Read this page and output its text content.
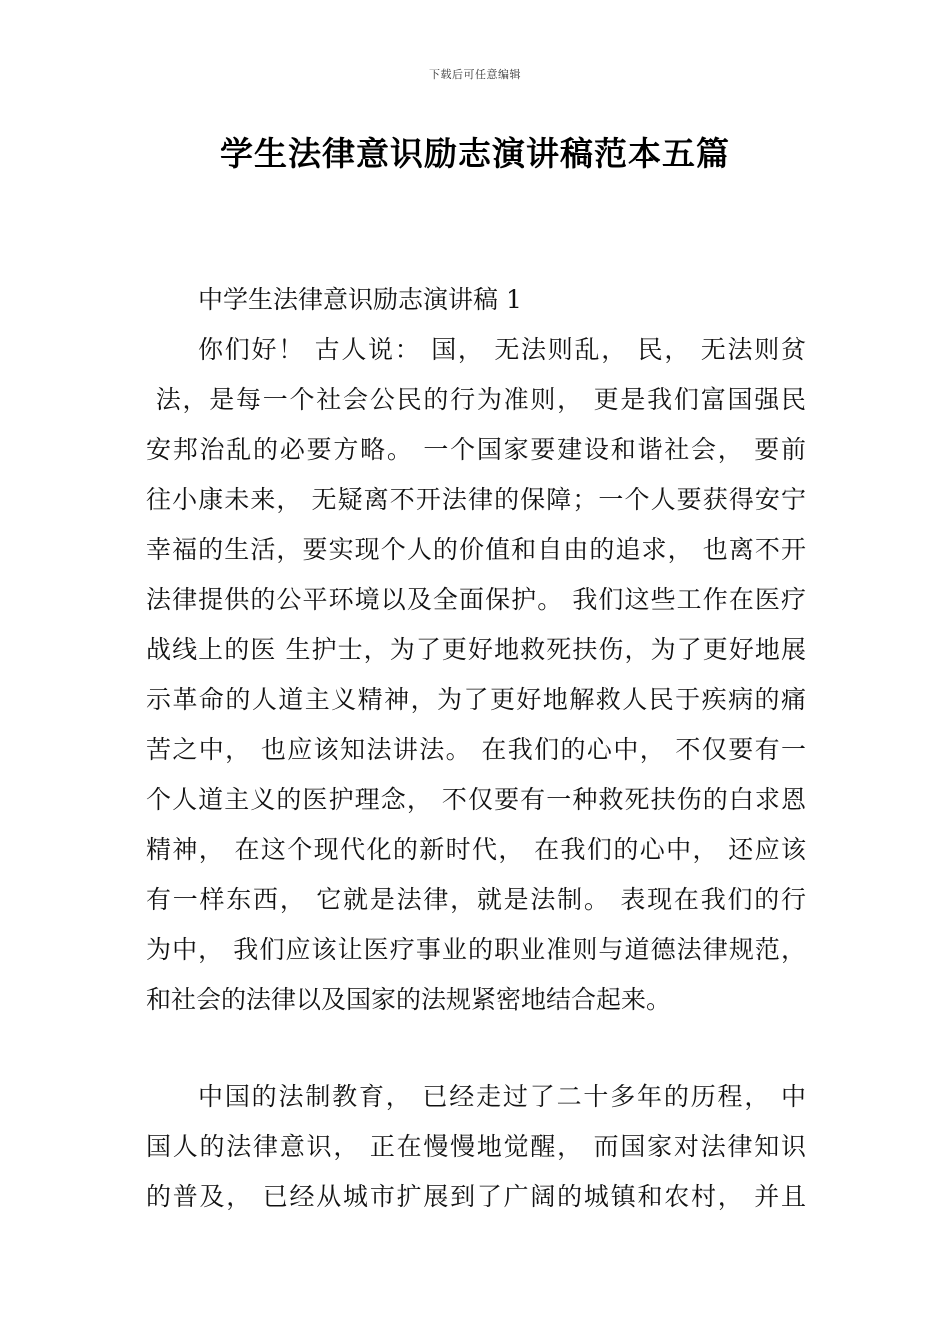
下载后可任意编辑
学生法律意识励志演讲稿范本五篇
中学生法律意识励志演讲稿 1
你们好！ 古人说： 国， 无法则乱， 民， 无法则贫
法，是每一个社会公民的行为准则， 更是我们富国强民
安邦治乱的必要方略。 一个国家要建设和谐社会， 要前
往小康未来， 无疑离不开法律的保障；一个人要获得安宁
幸福的生活，要实现个人的价值和自由的追求， 也离不开
法律提供的公平环境以及全面保护。 我们这些工作在医疗
战线上的医 生护士，为了更好地救死扶伤，为了更好地展
示革命的人道主义精神，为了更好地解救人民于疾病的痛
苦之中， 也应该知法讲法。 在我们的心中， 不仅要有一
个人道主义的医护理念， 不仅要有一种救死扶伤的白求恩
精神， 在这个现代化的新时代， 在我们的心中， 还应该
有一样东西， 它就是法律，就是法制。 表现在我们的行
为中， 我们应该让医疗事业的职业准则与道德法律规范，
和社会的法律以及国家的法规紧密地结合起来。
中国的法制教育， 已经走过了二十多年的历程， 中
国人的法律意识， 正在慢慢地觉醒， 而国家对法律知识
的普及， 已经从城市扩展到了广阔的城镇和农村， 并且
